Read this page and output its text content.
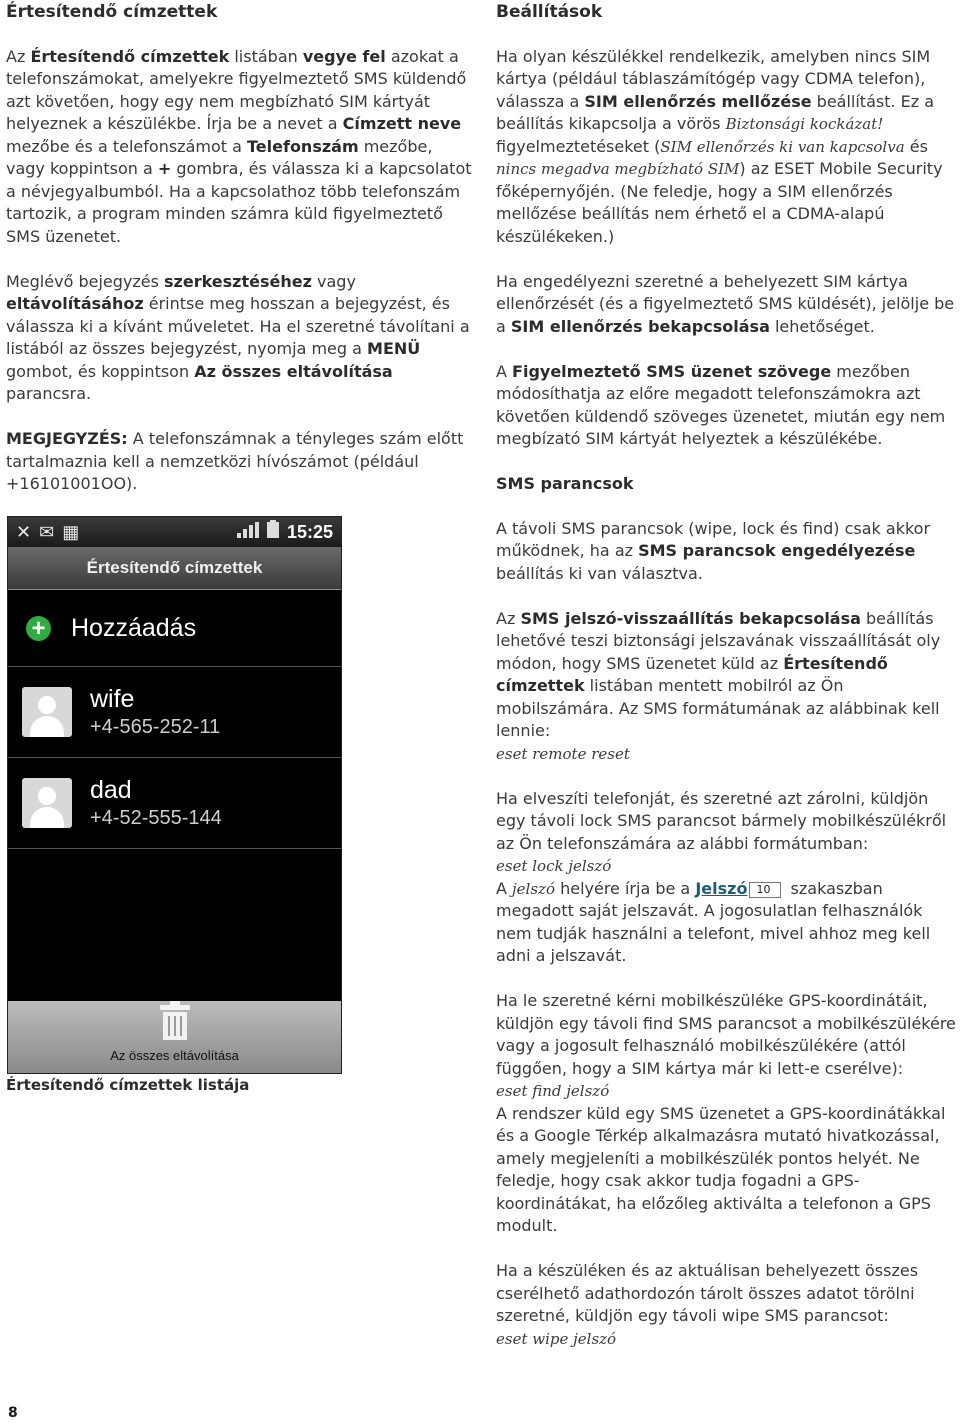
Értesítendő címzettek

Az Értesítendő címzettek listában vegye fel azokat a telefonszámokat, amelyekre figyelmeztető SMS küldendő azt követően, hogy egy nem megbízható SIM kártyát helyeznek a készülékbe. Írja be a nevet a Címzett neve mezőbe és a telefonszámot a Telefonszám mezőbe, vagy koppintson a + gombra, és válassza ki a kapcsolatot a névjegyalbumból. Ha a kapcsolathoz több telefonszám tartozik, a program minden számra küld figyelmeztető SMS üzenetet.

Meglévő bejegyzés szerkesztéséhez vagy eltávolításához érintse meg hosszan a bejegyzést, és válassza ki a kívánt műveletet. Ha el szeretné távolítani a listából az összes bejegyzést, nyomja meg a MENÜ gombot, és koppintson Az összes eltávolítása parancsra.

MEGJEGYZÉS: A telefonszámnak a tényleges szám előtt tartalmaznia kell a nemzetközi hívószámot (például +16101001OO).

✕ ✉ ▦	15:25
Értesítendő címzettek
+ Hozzáadás
wife
+4-565-252-11
dad
+4-52-555-144
Az összes eltávolítása
Értesítendő címzettek listája
Beállítások

Ha olyan készülékkel rendelkezik, amelyben nincs SIM kártya (például táblaszámítógép vagy CDMA telefon), válassza a SIM ellenőrzés mellőzése beállítást. Ez a beállítás kikapcsolja a vörös Biztonsági kockázat! figyelmeztetéseket (SIM ellenőrzés ki van kapcsolva és nincs megadva megbízható SIM) az ESET Mobile Security főképernyőjén. (Ne feledje, hogy a SIM ellenőrzés mellőzése beállítás nem érhető el a CDMA-alapú készülékeken.)

Ha engedélyezni szeretné a behelyezett SIM kártya ellenőrzését (és a figyelmeztető SMS küldését), jelölje be a SIM ellenőrzés bekapcsolása lehetőséget.

A Figyelmeztető SMS üzenet szövege mezőben módosíthatja az előre megadott telefonszámokra azt követően küldendő szöveges üzenetet, miután egy nem megbízató SIM kártyát helyeztek a készülékébe.

SMS parancsok

A távoli SMS parancsok (wipe, lock és find) csak akkor működnek, ha az SMS parancsok engedélyezése beállítás ki van választva.

Az SMS jelszó-visszaállítás bekapcsolása beállítás lehetővé teszi biztonsági jelszavának visszaállítását oly módon, hogy SMS üzenetet küld az Értesítendő címzettek listában mentett mobilról az Ön mobilszámára. Az SMS formátumának az alábbinak kell lennie:
eset remote reset

Ha elveszíti telefonját, és szeretné azt zárolni, küldjön egy távoli lock SMS parancsot bármely mobilkészülékről az Ön telefonszámára az alábbi formátumban:
eset lock jelszó
A jelszó helyére írja be a Jelszó 10 szakaszban megadott saját jelszavát. A jogosulatlan felhasználók nem tudják használni a telefont, mivel ahhoz meg kell adni a jelszavát.

Ha le szeretné kérni mobilkészüléke GPS-koordinátáit, küldjön egy távoli find SMS parancsot a mobilkészülékére vagy a jogosult felhasználó mobilkészülékére (attól függően, hogy a SIM kártya már ki lett-e cserélve):
eset find jelszó
A rendszer küld egy SMS üzenetet a GPS-koordinátákkal és a Google Térkép alkalmazásra mutató hivatkozással, amely megjeleníti a mobilkészülék pontos helyét. Ne feledje, hogy csak akkor tudja fogadni a GPS-koordinátákat, ha előzőleg aktiválta a telefonon a GPS modult.

Ha a készüléken és az aktuálisan behelyezett összes cserélhető adathordozón tárolt összes adatot törölni szeretné, küldjön egy távoli wipe SMS parancsot:
eset wipe jelszó

8
